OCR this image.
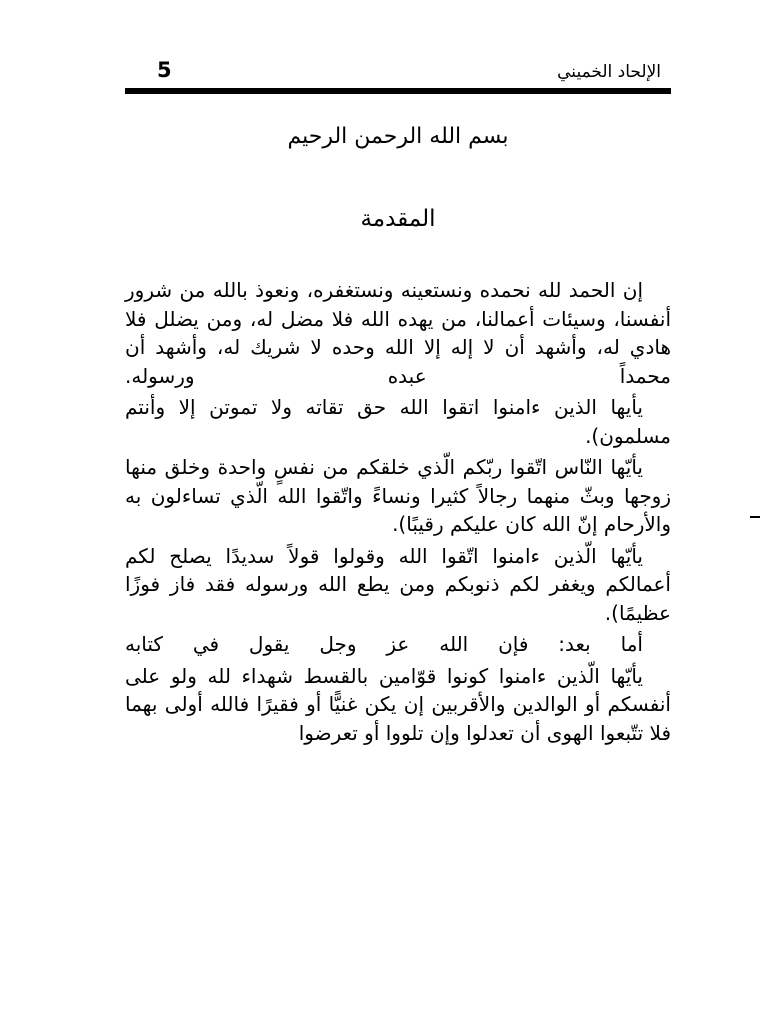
5	الإلحاد الخميني
بسم الله الرحمن الرحيم
المقدمة

إن الحمد لله نحمده ونستعينه ونستغفره، ونعوذ بالله من شرور أنفسنا، وسيئات أعمالنا، من يهده الله فلا مضل له، ومن يضلل فلا هادي له، وأشهد أن لا إله إلا الله وحده لا شريك له، وأشهد أن محمداً عبده ورسوله.

يأيها الذين ءامنوا اتقوا الله حق تقاته ولا تموتن إلا وأنتم مسلمون).

يأيّها النّاس اتّقوا ربّكم الّذي خلقكم من نفسٍ واحدة وخلق منها زوجها وبثّ منهما رجالاً كثيرا ونساءً واتّقوا الله الّذي تساءلون به والأرحام إنّ الله كان عليكم رقيبًا).

يأيّها الّذين ءامنوا اتّقوا الله وقولوا قولاً سديدًا يصلح لكم أعمالكم ويغفر لكم ذنوبكم ومن يطع الله ورسوله فقد فاز فوزًا عظيمًا).

أما بعد: فإن الله عز وجل يقول في كتابه

يأيّها الّذين ءامنوا كونوا قوّامين بالقسط شهداء لله ولو على أنفسكم أو الوالدين والأقربين إن يكن غنيًّا أو فقيرًا فالله أولى بهما فلا تتّبعوا الهوى أن تعدلوا وإن تلووا أو تعرضوا
